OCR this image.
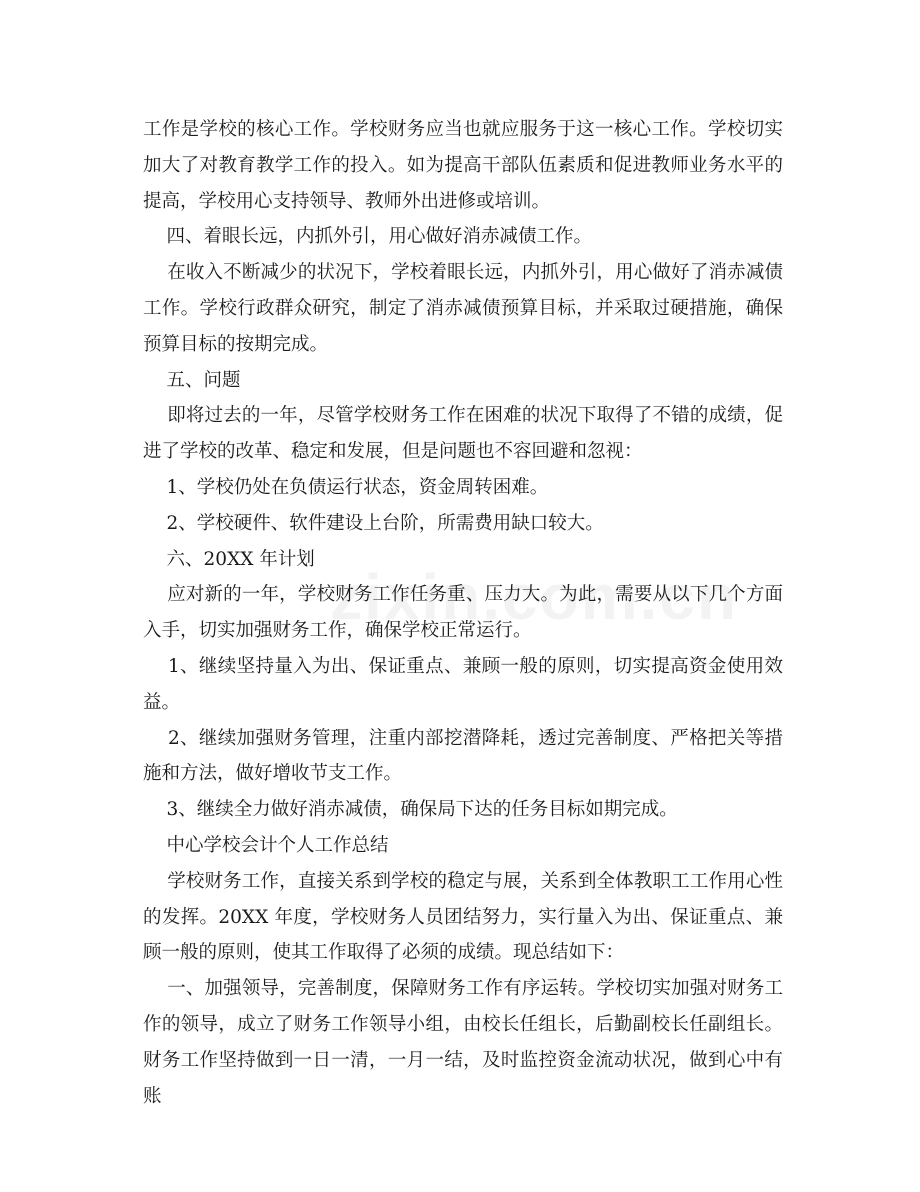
工作是学校的核心工作。学校财务应当也就应服务于这一核心工作。学校切实加大了对教育教学工作的投入。如为提高干部队伍素质和促进教师业务水平的提高，学校用心支持领导、教师外出进修或培训。

四、着眼长远，内抓外引，用心做好消赤减债工作。

在收入不断减少的状况下，学校着眼长远，内抓外引，用心做好了消赤减债工作。学校行政群众研究，制定了消赤减债预算目标，并采取过硬措施，确保预算目标的按期完成。

五、问题

即将过去的一年，尽管学校财务工作在困难的状况下取得了不错的成绩，促进了学校的改革、稳定和发展，但是问题也不容回避和忽视：

1、学校仍处在负债运行状态，资金周转困难。

2、学校硬件、软件建设上台阶，所需费用缺口较大。

六、20XX 年计划

应对新的一年，学校财务工作任务重、压力大。为此，需要从以下几个方面入手，切实加强财务工作，确保学校正常运行。

1、继续坚持量入为出、保证重点、兼顾一般的原则，切实提高资金使用效益。

2、继续加强财务管理，注重内部挖潜降耗，透过完善制度、严格把关等措施和方法，做好增收节支工作。

3、继续全力做好消赤减债，确保局下达的任务目标如期完成。

中心学校会计个人工作总结

学校财务工作，直接关系到学校的稳定与展，关系到全体教职工工作用心性的发挥。20XX 年度，学校财务人员团结努力，实行量入为出、保证重点、兼顾一般的原则，使其工作取得了必须的成绩。现总结如下：

一、加强领导，完善制度，保障财务工作有序运转。学校切实加强对财务工作的领导，成立了财务工作领导小组，由校长任组长，后勤副校长任副组长。财务工作坚持做到一日一清，一月一结，及时监控资金流动状况，做到心中有账
